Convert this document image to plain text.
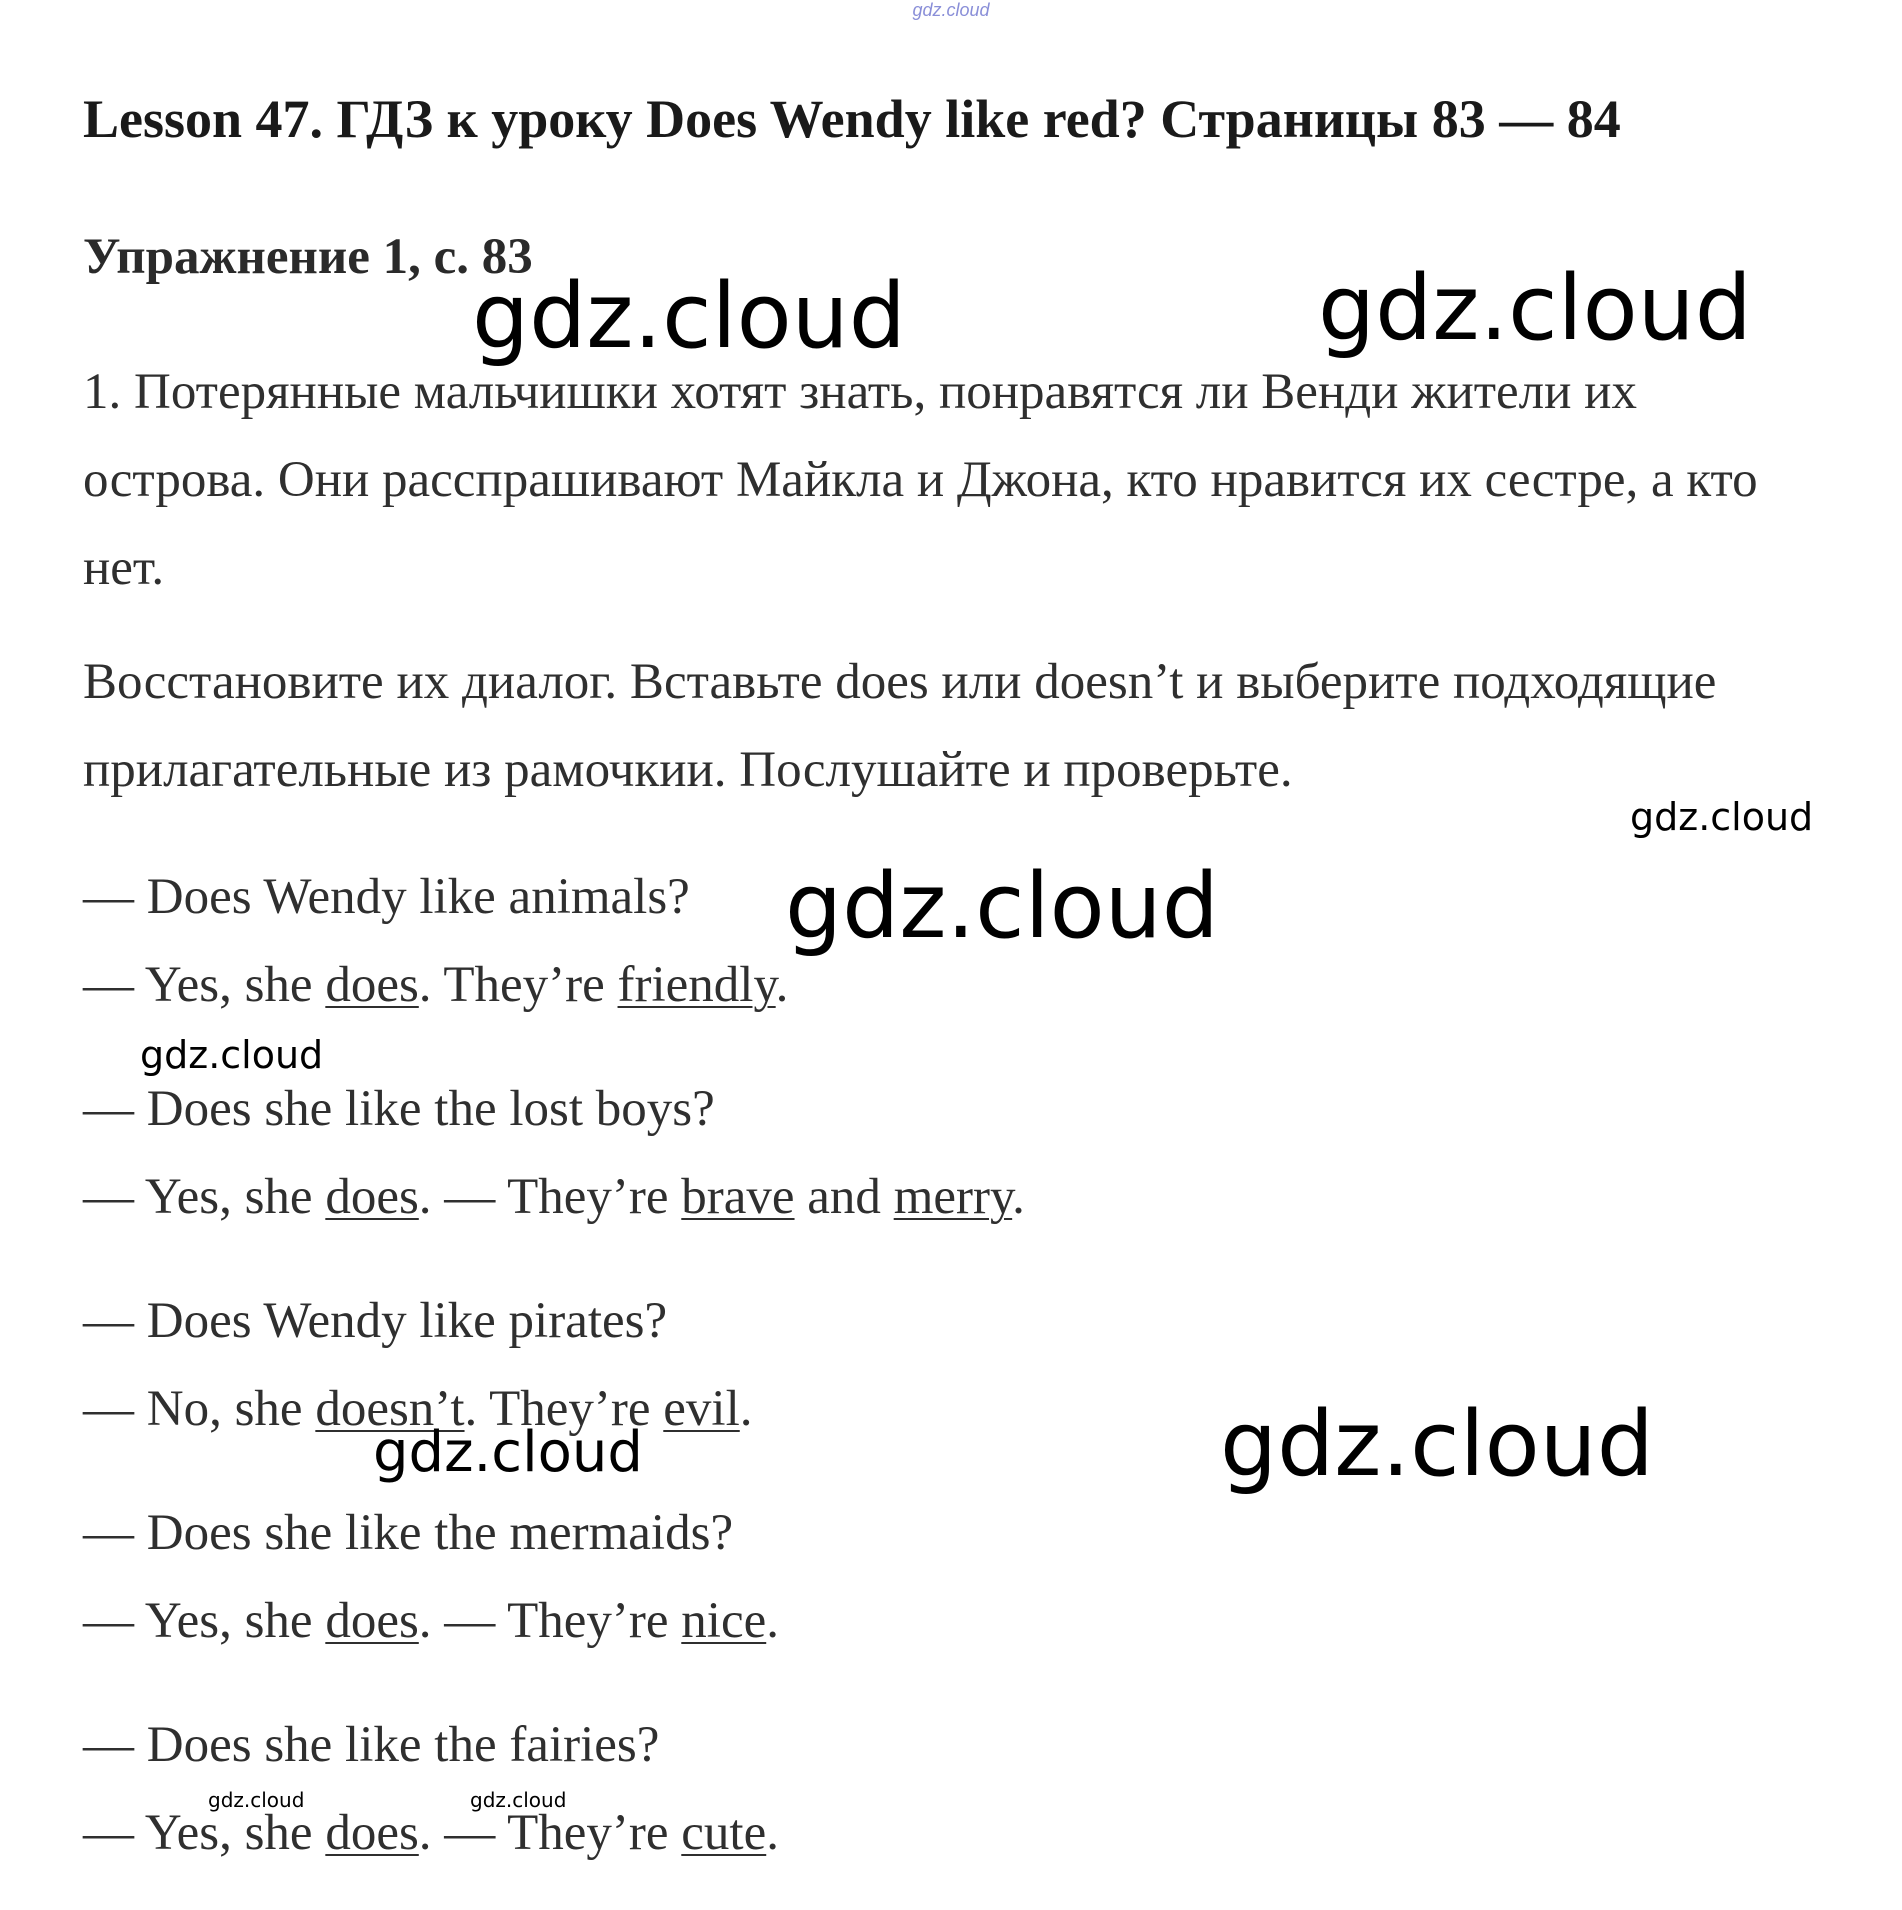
gdz.cloud
Lesson 47. ГДЗ к уроку Does Wendy like red? Страницы 83 — 84
Упражнение 1, с. 83
1. Потерянные мальчишки хотят знать, понравятся ли Венди жители их острова. Они расспрашивают Майкла и Джона, кто нравится их сестре, а кто нет.
Восстановите их диалог. Вставьте does или doesn’t и выберите подходящие прилагательные из рамочкии. Послушайте и проверьте.
— Does Wendy like animals?
— Yes, she does. They’re friendly.
— Does she like the lost boys?
— Yes, she does. — They’re brave and merry.
— Does Wendy like pirates?
— No, she doesn’t. They’re evil.
— Does she like the mermaids?
— Yes, she does. — They’re nice.
— Does she like the fairies?
— Yes, she does. — They’re cute.
gdz.cloud	gdz.cloud
gdz.cloud
gdz.cloud
gdz.cloud
gdz.cloud	gdz.cloud
gdz.cloud	gdz.cloud
